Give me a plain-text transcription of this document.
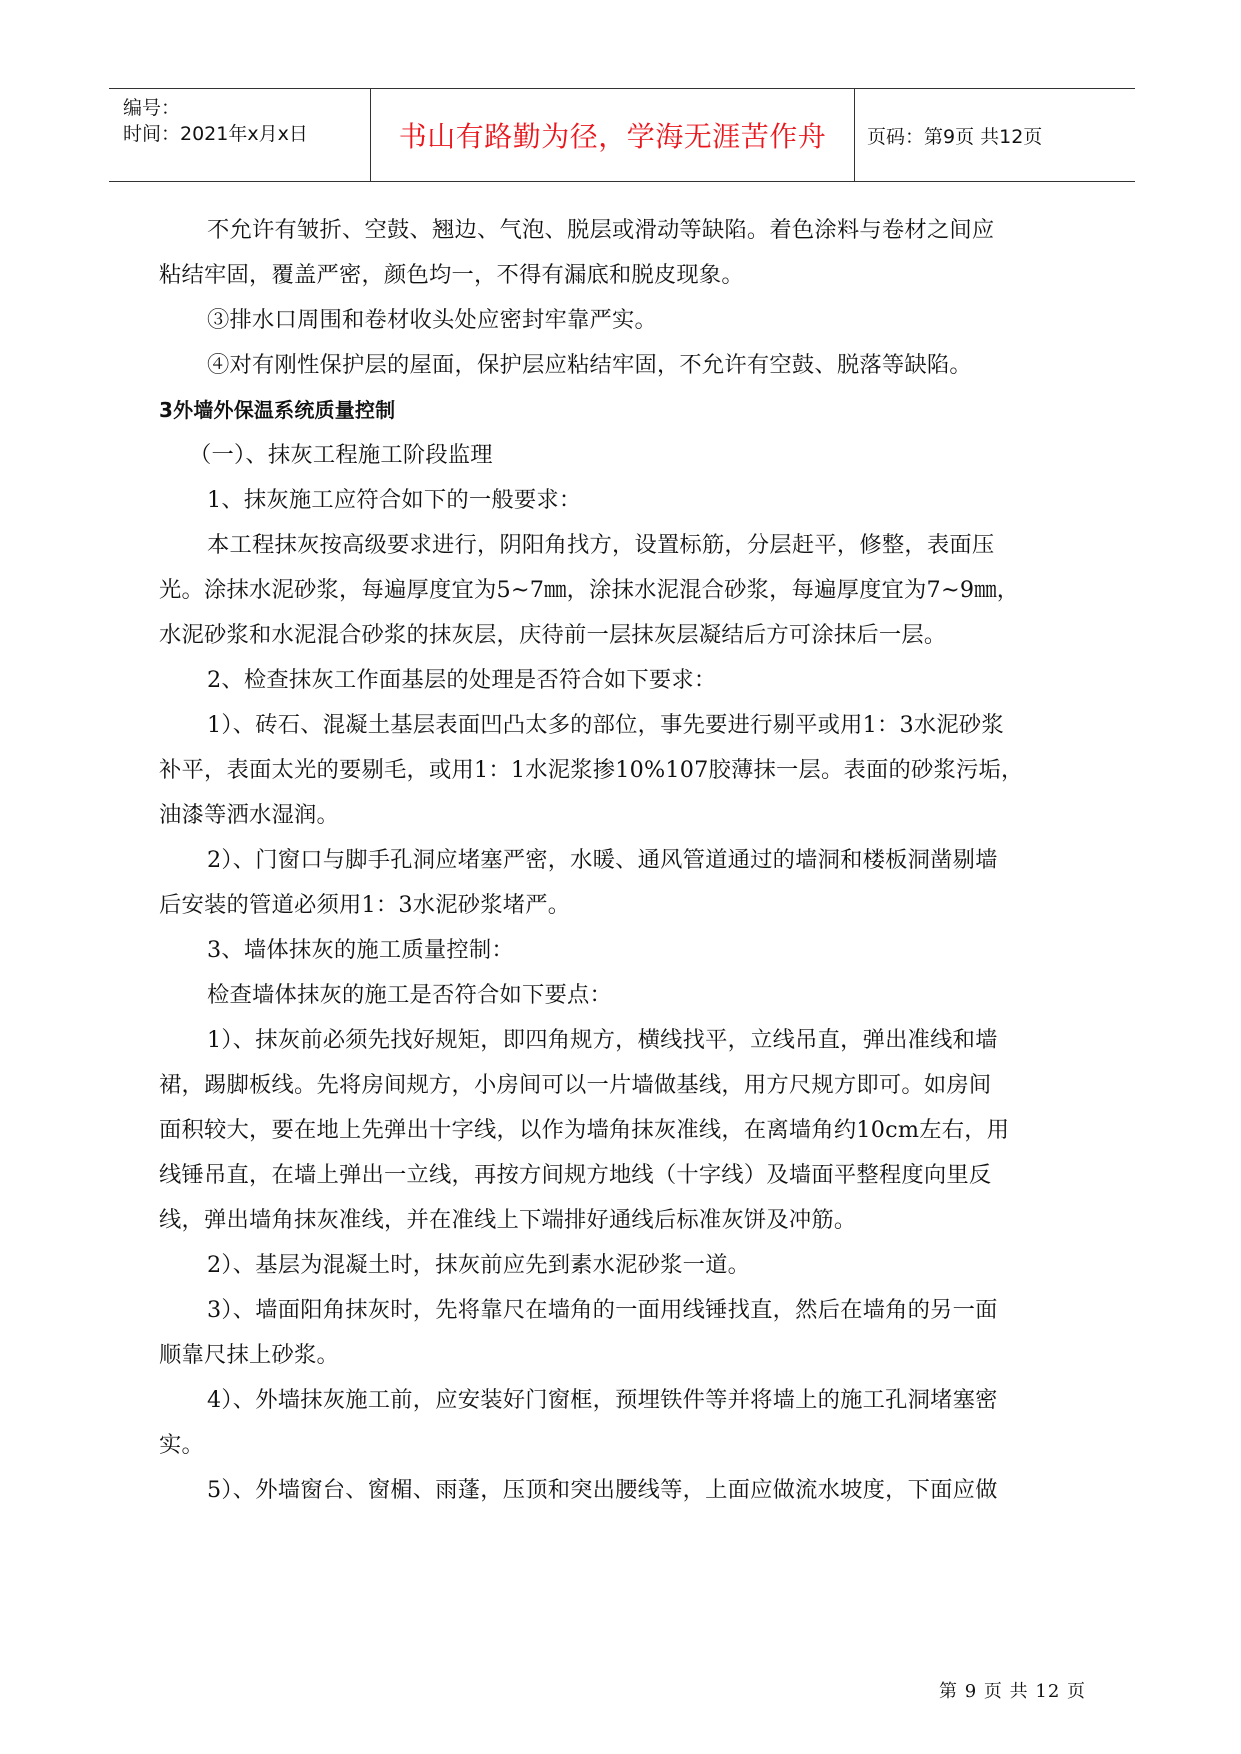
编号：
时间：2021年x月x日	书山有路勤为径，学海无涯苦作舟 页码：第9页 共12页

不允许有皱折、空鼓、翘边、气泡、脱层或滑动等缺陷。着色涂料与卷材之间应

粘结牢固，覆盖严密，颜色均一，不得有漏底和脱皮现象。

③排水口周围和卷材收头处应密封牢靠严实。

④对有刚性保护层的屋面，保护层应粘结牢固，不允许有空鼓、脱落等缺陷。

3外墙外保温系统质量控制

（一）、抹灰工程施工阶段监理

1、抹灰施工应符合如下的一般要求：

本工程抹灰按高级要求进行，阴阳角找方，设置标筋，分层赶平，修整，表面压

光。涂抹水泥砂浆，每遍厚度宜为5~7㎜，涂抹水泥混合砂浆，每遍厚度宜为7~9㎜，

水泥砂浆和水泥混合砂浆的抹灰层，庆待前一层抹灰层凝结后方可涂抹后一层。

2、检查抹灰工作面基层的处理是否符合如下要求：

1）、砖石、混凝土基层表面凹凸太多的部位，事先要进行剔平或用1：3水泥砂浆

补平，表面太光的要剔毛，或用1：1水泥浆掺10%107胶薄抹一层。表面的砂浆污垢，

油漆等洒水湿润。

2）、门窗口与脚手孔洞应堵塞严密，水暖、通风管道通过的墙洞和楼板洞凿剔墙

后安装的管道必须用1：3水泥砂浆堵严。

3、墙体抹灰的施工质量控制：

检查墙体抹灰的施工是否符合如下要点：

1）、抹灰前必须先找好规矩，即四角规方，横线找平，立线吊直，弹出准线和墙

裙，踢脚板线。先将房间规方，小房间可以一片墙做基线，用方尺规方即可。如房间

面积较大，要在地上先弹出十字线，以作为墙角抹灰准线，在离墙角约10cm左右，用

线锤吊直，在墙上弹出一立线，再按方间规方地线（十字线）及墙面平整程度向里反

线，弹出墙角抹灰准线，并在准线上下端排好通线后标准灰饼及冲筋。

2）、基层为混凝土时，抹灰前应先到素水泥砂浆一道。

3）、墙面阳角抹灰时，先将靠尺在墙角的一面用线锤找直，然后在墙角的另一面

顺靠尺抹上砂浆。

4）、外墙抹灰施工前，应安装好门窗框，预埋铁件等并将墙上的施工孔洞堵塞密

实。

5）、外墙窗台、窗楣、雨蓬，压顶和突出腰线等，上面应做流水坡度，下面应做

第 9 页 共 12 页
